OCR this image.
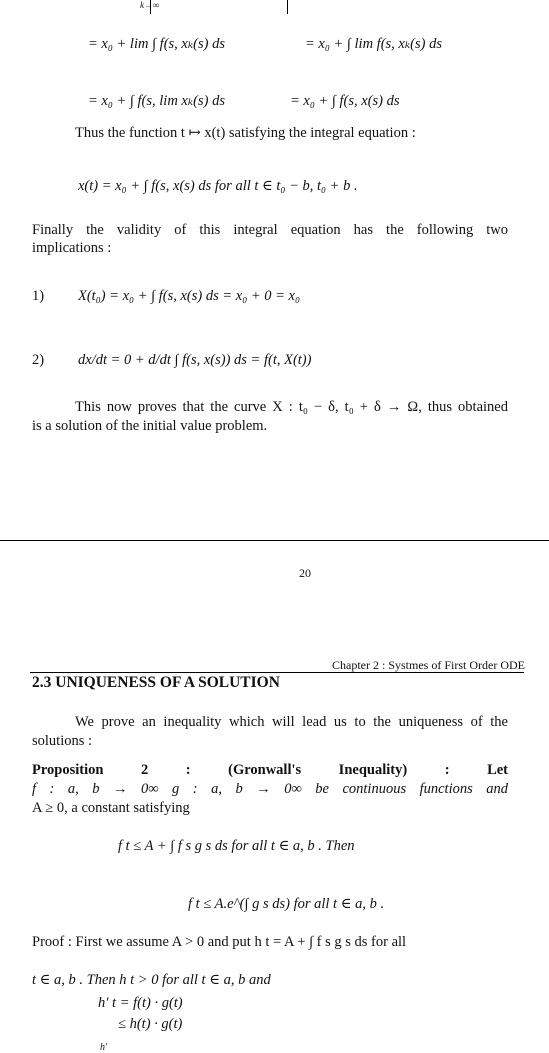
k→∞
= x₀ + lim ∫ f(s, xₖ(s) ds	= x₀ + ∫ lim f(s, xₖ(s) ds
= x₀ + ∫ f(s, lim xₖ(s) ds	= x₀ + ∫ f(s, x(s) ds
Thus the function t ↦ x(t) satisfying the integral equation :
x(t) = x₀ + ∫ f(s, x(s) ds for all t ∈ t₀ − b, t₀ + b .
Finally the validity of this integral equation has the following two
implications :
1) X(t₀) = x₀ + ∫ f(s, x(s) ds = x₀ + 0 = x₀
2) dx/dt = 0 + d/dt ∫ f(s, x(s)) ds = f(t, X(t))
This now proves that the curve X : t₀ − δ, t₀ + δ → Ω, thus obtained
is a solution of the initial value problem.
20
Chapter 2 : Systmes of First Order ODE
2.3 UNIQUENESS OF A SOLUTION
We prove an inequality which will lead us to the uniqueness of the
solutions :
Proposition 2 : (Gronwall's Inequality) : Let
f : a, b → 0∞ g : a, b → 0∞ be continuous functions and
A ≥ 0, a constant satisfying
f t ≤ A + ∫ f s g s ds for all t ∈ a, b . Then
f t ≤ A.e^(∫ g s ds) for all t ∈ a, b .
Proof : First we assume A > 0 and put h t = A + ∫ f s g s ds for all
t ∈ a, b . Then h t > 0 for all t ∈ a, b and
h′ t = f(t) · g(t)
≤ h(t) · g(t)
h′
